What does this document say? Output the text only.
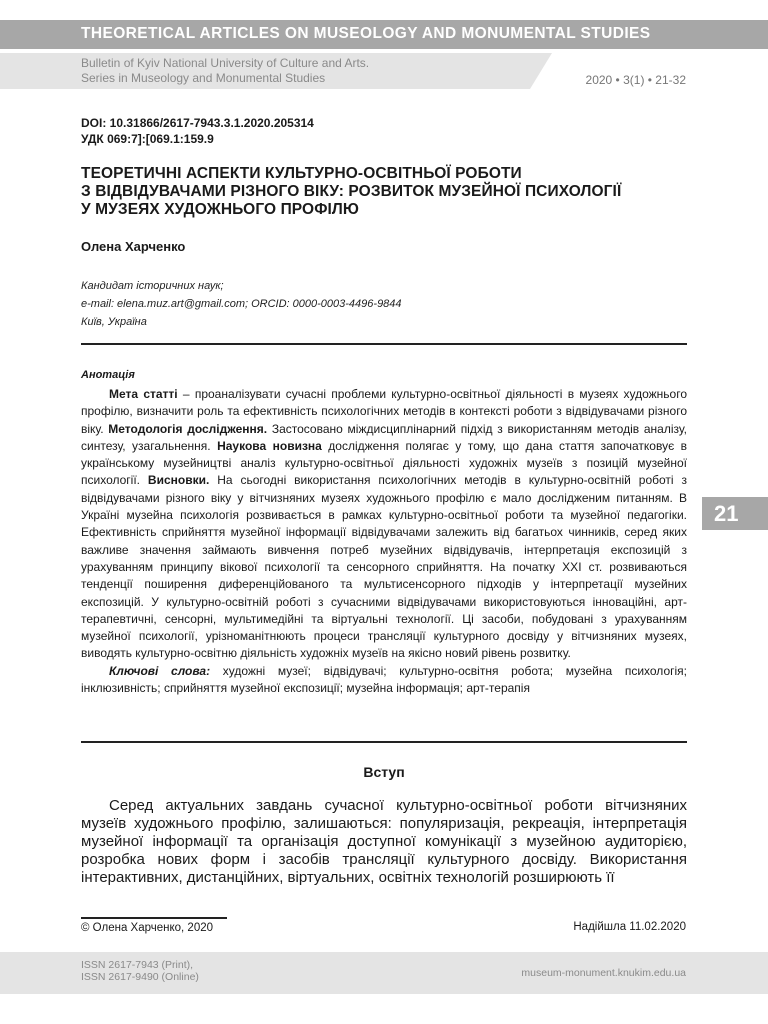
THEORETICAL ARTICLES ON MUSEOLOGY AND MONUMENTAL STUDIES
Bulletin of Kyiv National University of Culture and Arts.
Series in Museology and Monumental Studies	2020 • 3(1) • 21-32
DOI: 10.31866/2617-7943.3.1.2020.205314
УДК 069:7]:[069.1:159.9
ТЕОРЕТИЧНІ АСПЕКТИ КУЛЬТУРНО-ОСВІТНЬОЇ РОБОТИ
З ВІДВІДУВАЧАМИ РІЗНОГО ВІКУ: РОЗВИТОК МУЗЕЙНОЇ ПСИХОЛОГІЇ
У МУЗЕЯХ ХУДОЖНЬОГО ПРОФІЛЮ
Олена Харченко
Кандидат історичних наук;
e-mail: elena.muz.art@gmail.com; ORCID: 0000-0003-4496-9844
Київ, Україна
Анотація

Мета статті – проаналізувати сучасні проблеми культурно-освітньої діяльності в музеях художнього профілю, визначити роль та ефективність психологічних методів в контексті роботи з відвідувачами різного віку. Методологія дослідження. Застосовано міждисциплінарний підхід з використанням методів аналізу, синтезу, узагальнення. Наукова новизна дослідження полягає у тому, що дана стаття започатковує в українському музейництві аналіз культурно-освітньої діяльності художніх музеїв з позицій музейної психології. Висновки. На сьогодні використання психологічних методів в культурно-освітній роботі з відвідувачами різного віку у вітчизняних музеях художнього профілю є мало дослідженим питанням. В Україні музейна психологія розвивається в рамках культурно-освітньої роботи та музейної педагогіки. Ефективність сприйняття музейної інформації відвідувачами залежить від багатьох чинників, серед яких важливе значення займають вивчення потреб музейних відвідувачів, інтерпретація експозицій з урахуванням принципу вікової психології та сенсорного сприйняття. На початку XXI ст. розвиваються тенденції поширення диференційованого та мультисенсорного підходів у інтерпретації музейних експозицій. У культурно-освітній роботі з сучасними відвідувачами використовуються інноваційні, арт-терапевтичні, сенсорні, мультимедійні та віртуальні технології. Ці засоби, побудовані з урахуванням музейної психології, урізноманітнюють процеси трансляції культурного досвіду у вітчизняних музеях, виводять культурно-освітню діяльність художніх музеїв на якісно новий рівень розвитку.

Ключові слова: художні музеї; відвідувачі; культурно-освітня робота; музейна психологія; інклюзивність; сприйняття музейної експозиції; музейна інформація; арт-терапія

Вступ

Серед актуальних завдань сучасної культурно-освітньої роботи вітчизняних музеїв художнього профілю, залишаються: популяризація, рекреація, інтерпретація музейної інформації та організація доступної комунікації з музейною аудиторією, розробка нових форм і засобів трансляції культурного досвіду. Використання інтерактивних, дистанційних, віртуальних, освітніх технологій розширюють її

21
© Олена Харченко, 2020	Надійшла 11.02.2020
ISSN 2617-7943 (Print),
ISSN 2617-9490 (Online)	museum-monument.knukim.edu.ua
